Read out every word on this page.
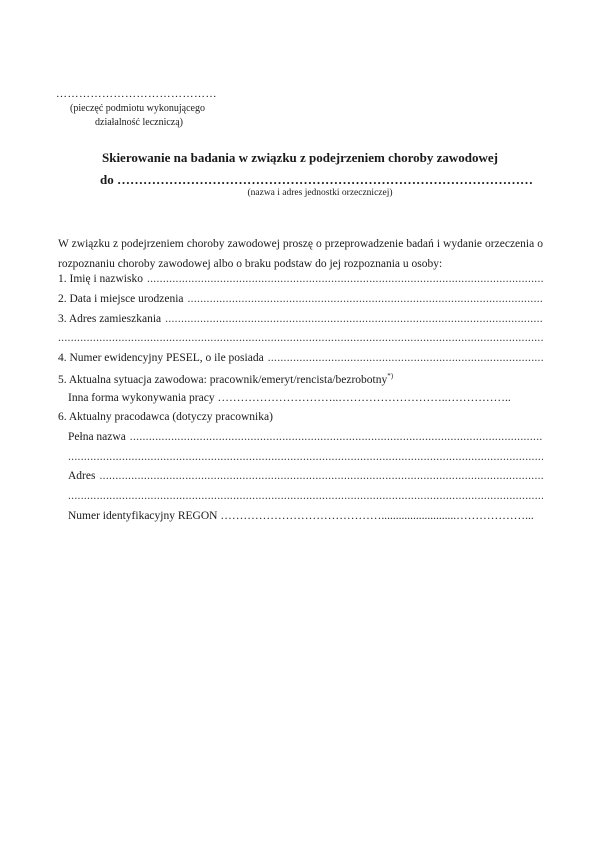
……………………………………
(pieczęć podmiotu wykonującego
działalność leczniczą)
Skierowanie na badania w związku z podejrzeniem choroby zawodowej
do ……………………………………………………………………………………
(nazwa i adres jednostki orzeczniczej)
W związku z podejrzeniem choroby zawodowej proszę o przeprowadzenie badań i wydanie orzeczenia o rozpoznaniu choroby zawodowej albo o braku podstaw do jej rozpoznania u osoby:
1. Imię i nazwisko
.....
2. Data i miejsce urodzenia
.....
3. Adres zamieszkania
.....
.....
4. Numer ewidencyjny PESEL, o ile posiada
.....
5. Aktualna sytuacja zawodowa: pracownik/emeryt/rencista/bezrobotny*)
Inna forma wykonywania pracy …………………………..………………………..……………..
6. Aktualny pracodawca (dotyczy pracownika)
Pełna nazwa
.....
.....
Adres
.....
.....
Numer identyfikacyjny REGON ……………………………………..........................………………...
